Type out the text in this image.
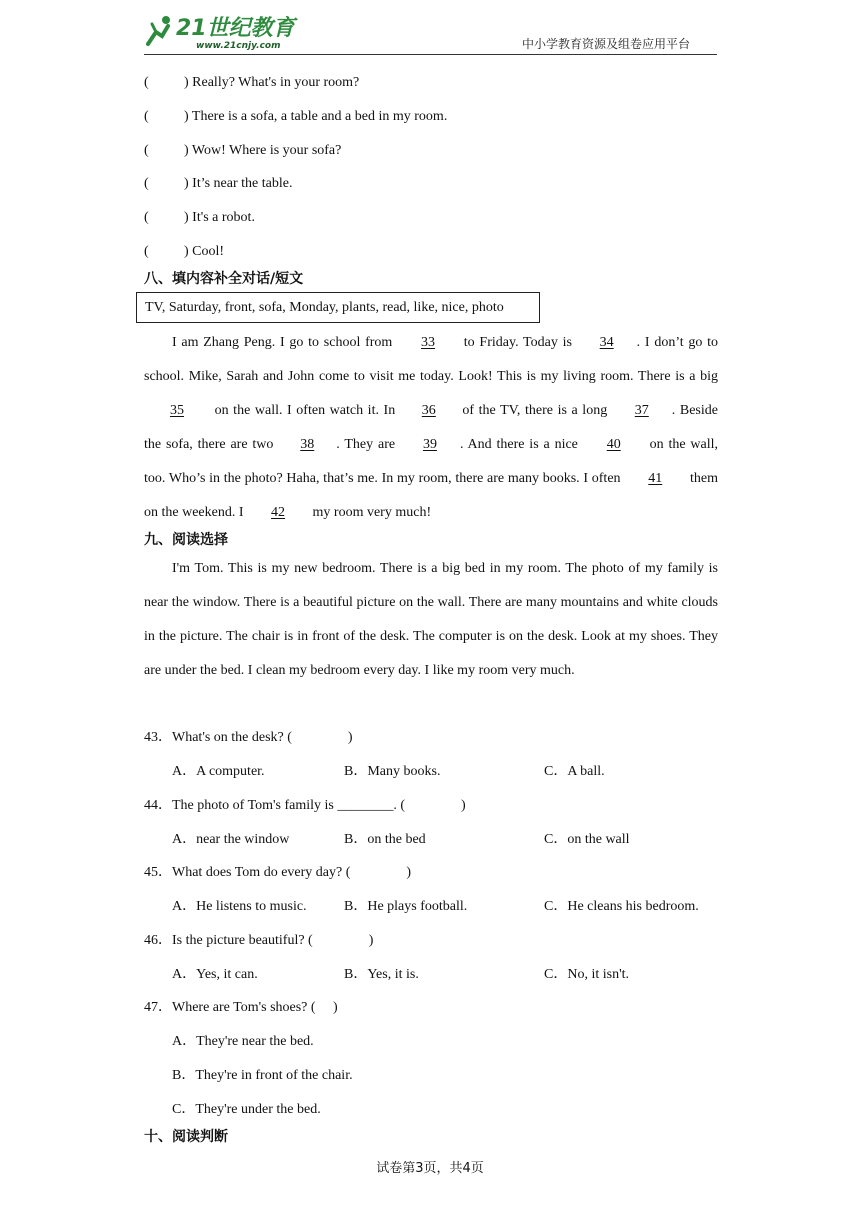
21世纪教育
www.21cnjy.com	中小学教育资源及组卷应用平台
(	) Really? What's in your room?
(	) There is a sofa, a table and a bed in my room.
(	) Wow! Where is your sofa?
(	) It’s near the table.
(	) It's a robot.
(	) Cool!
八、填内容补全对话/短文
TV, Saturday, front, sofa, Monday, plants, read, like, nice, photo
I am Zhang Peng. I go to school from 33 to Friday. Today is 34 . I don’t go to school. Mike, Sarah and John come to visit me today. Look! This is my living room. There is a big 35 on the wall. I often watch it. In 36 of the TV, there is a long 37 . Beside the sofa, there are two 38 . They are 39 . And there is a nice 40 on the wall, too. Who’s in the photo? Haha, that’s me. In my room, there are many books. I often 41 them on the weekend. I 42 my room very much!
九、阅读选择
I'm Tom. This is my new bedroom. There is a big bed in my room. The photo of my family is near the window. There is a beautiful picture on the wall. There are many mountains and white clouds in the picture. The chair is in front of the desk. The computer is on the desk. Look at my shoes. They are under the bed. I clean my bedroom every day. I like my room very much.
43．What's on the desk? (　　　　)
A．A computer.	B．Many books.	C．A ball.
44．The photo of Tom's family is ________. (　　　　)
A．near the window	B．on the bed	C．on the wall
45．What does Tom do every day? (　　　　)
A．He listens to music.	B．He plays football.	C．He cleans his bedroom.
46．Is the picture beautiful? (　　　　)
A．Yes, it can.	B．Yes, it is.	C．No, it isn't.
47．Where are Tom's shoes? (　 )
A．They're near the bed.
B．They're in front of the chair.
C．They're under the bed.
十、阅读判断
试卷第3页，共4页
